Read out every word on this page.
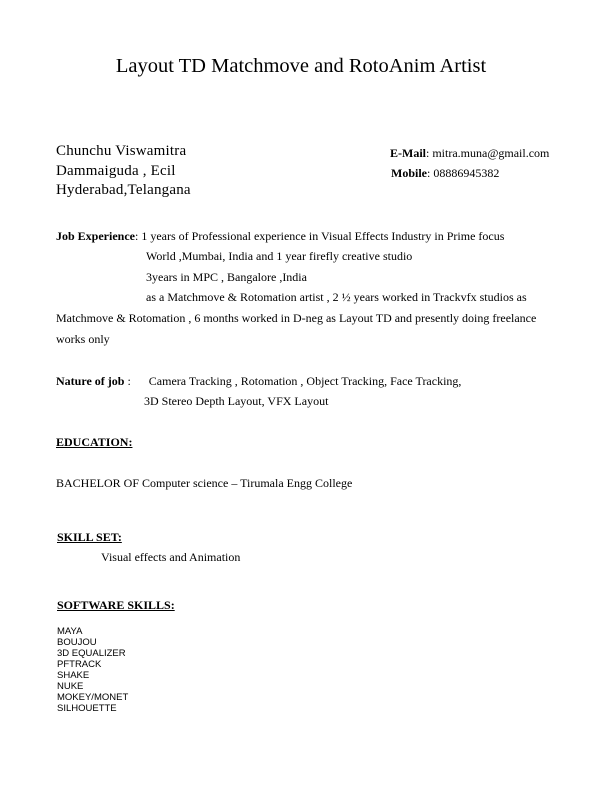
Layout TD Matchmove and RotoAnim Artist
Chunchu Viswamitra
Dammaiguda , Ecil
Hyderabad,Telangana
E-Mail: mitra.muna@gmail.com
Mobile: 08886945382
Job Experience: 1 years of Professional experience in Visual Effects Industry in Prime focus
World ,Mumbai, India and 1 year firefly creative studio
3years in MPC , Bangalore ,India
as a Matchmove & Rotomation artist , 2 ½ years worked in Trackvfx studios as
Matchmove & Rotomation , 6 months worked in D-neg as Layout TD and presently doing freelance
works only
Nature of job : Camera Tracking , Rotomation , Object Tracking, Face Tracking,
3D Stereo Depth Layout, VFX Layout
EDUCATION:
BACHELOR OF Computer science – Tirumala Engg College
SKILL SET:
Visual effects and Animation
SOFTWARE SKILLS:
MAYA
BOUJOU
3D EQUALIZER
PFTRACK
SHAKE
NUKE
MOKEY/MONET
SILHOUETTE
